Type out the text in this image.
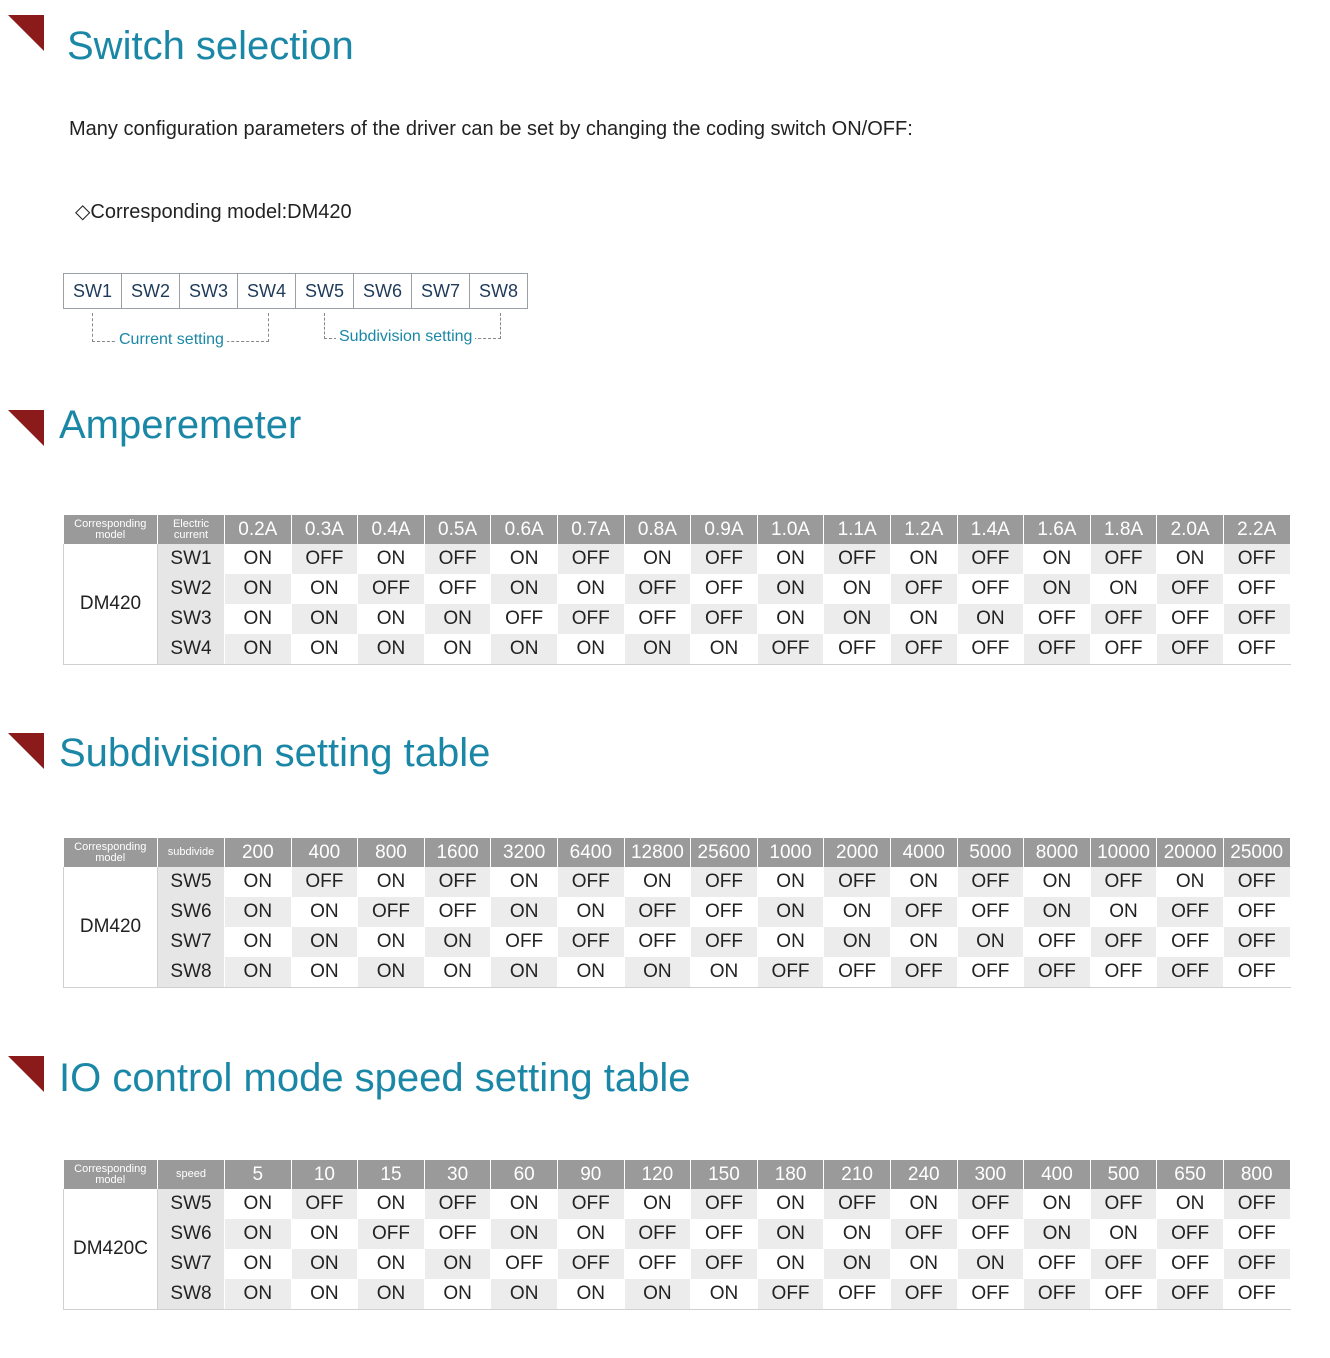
Switch selection
Many configuration parameters of the driver can be set by changing the coding switch ON/OFF:
◇Corresponding model:DM420
SW1	SW2	SW3	SW4	SW5	SW6	SW7	SW8
Current setting	Subdivision setting
Amperemeter
Corresponding model	Electric current	0.2A	0.3A	0.4A	0.5A	0.6A	0.7A	0.8A	0.9A	1.0A	1.1A	1.2A	1.4A	1.6A	1.8A	2.0A	2.2A
DM420	SW1	ON	OFF	ON	OFF	ON	OFF	ON	OFF	ON	OFF	ON	OFF	ON	OFF	ON	OFF
	SW2	ON	ON	OFF	OFF	ON	ON	OFF	OFF	ON	ON	OFF	OFF	ON	ON	OFF	OFF
	SW3	ON	ON	ON	ON	OFF	OFF	OFF	OFF	ON	ON	ON	ON	OFF	OFF	OFF	OFF
	SW4	ON	ON	ON	ON	ON	ON	ON	ON	OFF	OFF	OFF	OFF	OFF	OFF	OFF	OFF
Subdivision setting table
Corresponding model	subdivide	200	400	800	1600	3200	6400	12800	25600	1000	2000	4000	5000	8000	10000	20000	25000
DM420	SW5	ON	OFF	ON	OFF	ON	OFF	ON	OFF	ON	OFF	ON	OFF	ON	OFF	ON	OFF
	SW6	ON	ON	OFF	OFF	ON	ON	OFF	OFF	ON	ON	OFF	OFF	ON	ON	OFF	OFF
	SW7	ON	ON	ON	ON	OFF	OFF	OFF	OFF	ON	ON	ON	ON	OFF	OFF	OFF	OFF
	SW8	ON	ON	ON	ON	ON	ON	ON	ON	OFF	OFF	OFF	OFF	OFF	OFF	OFF	OFF
IO control mode speed setting table
Corresponding model	speed	5	10	15	30	60	90	120	150	180	210	240	300	400	500	650	800
DM420C	SW5	ON	OFF	ON	OFF	ON	OFF	ON	OFF	ON	OFF	ON	OFF	ON	OFF	ON	OFF
	SW6	ON	ON	OFF	OFF	ON	ON	OFF	OFF	ON	ON	OFF	OFF	ON	ON	OFF	OFF
	SW7	ON	ON	ON	ON	OFF	OFF	OFF	OFF	ON	ON	ON	ON	OFF	OFF	OFF	OFF
	SW8	ON	ON	ON	ON	ON	ON	ON	ON	OFF	OFF	OFF	OFF	OFF	OFF	OFF	OFF
